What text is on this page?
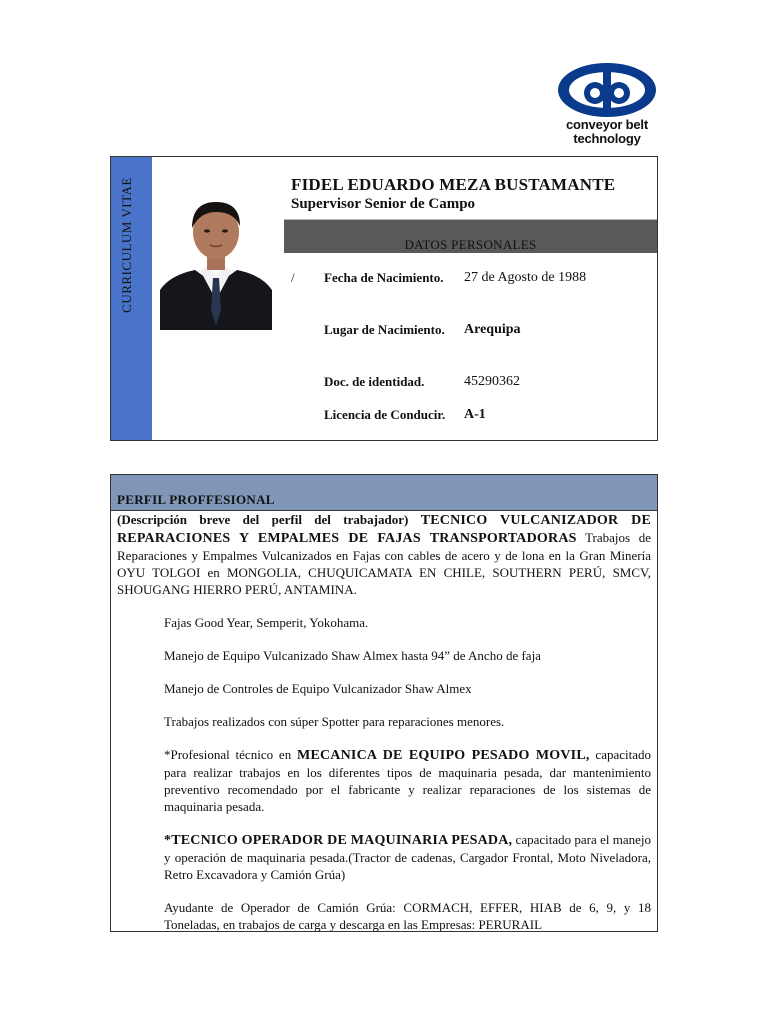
conveyor belt
technology
CURRICULUM VITAE	FIDEL EDUARDO MEZA BUSTAMANTE
Supervisor Senior de Campo
DATOS PERSONALES
/ Fecha de Nacimiento.	27 de Agosto de 1988
Lugar de Nacimiento.	Arequipa
Doc. de identidad.	45290362
Licencia de Conducir.	A-1
PERFIL PROFFESIONAL

(Descripción breve del perfil del trabajador) TECNICO VULCANIZADOR DE REPARACIONES Y EMPALMES DE FAJAS TRANSPORTADORAS Trabajos de Reparaciones y Empalmes Vulcanizados en Fajas con cables de acero y de lona en la Gran Minería OYU TOLGOI en MONGOLIA, CHUQUICAMATA EN CHILE, SOUTHERN PERÚ, SMCV, SHOUGANG HIERRO PERÚ, ANTAMINA.

Fajas Good Year, Semperit, Yokohama.

Manejo de Equipo Vulcanizado Shaw Almex hasta 94” de Ancho de faja

Manejo de Controles de Equipo Vulcanizador Shaw Almex

Trabajos realizados con súper Spotter para reparaciones menores.

*Profesional técnico en MECANICA DE EQUIPO PESADO MOVIL, capacitado para realizar trabajos en los diferentes tipos de maquinaria pesada, dar mantenimiento preventivo recomendado por el fabricante y realizar reparaciones de los sistemas de maquinaria pesada.

*TECNICO OPERADOR DE MAQUINARIA PESADA, capacitado para el manejo y operación de maquinaria pesada.(Tractor de cadenas, Cargador Frontal, Moto Niveladora, Retro Excavadora y Camión Grúa)

Ayudante de Operador de Camión Grúa: CORMACH, EFFER, HIAB de 6, 9, y 18 Toneladas, en trabajos de carga y descarga en las Empresas: PERURAIL
